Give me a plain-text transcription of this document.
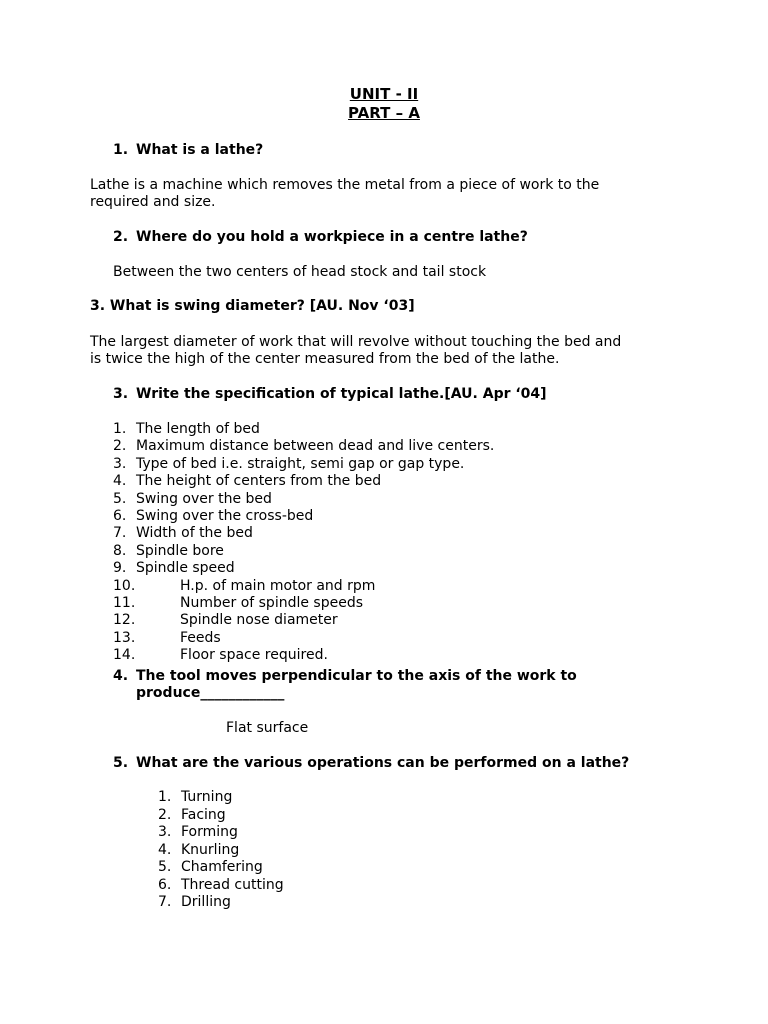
UNIT - II
PART – A
1. What is a lathe?
Lathe is a machine which removes the metal from a piece of work to the
required and size.
2. Where do you hold a workpiece in a centre lathe?
Between the two centers of head stock and tail stock
3. What is swing diameter? [AU. Nov ‘03]
The largest diameter of work that will revolve without touching the bed and
is twice the high of the center measured from the bed of the lathe.
3. Write the specification of typical lathe.[AU. Apr ‘04]
1. The length of bed
2. Maximum distance between dead and live centers.
3. Type of bed i.e. straight, semi gap or gap type.
4. The height of centers from the bed
5. Swing over the bed
6. Swing over the cross-bed
7. Width of the bed
8. Spindle bore
9. Spindle speed
10.	H.p. of main motor and rpm
11.	Number of spindle speeds
12.	Spindle nose diameter
13.	Feeds
14.	Floor space required.
4. The tool moves perpendicular to the axis of the work to
produce____________
Flat surface
5. What are the various operations can be performed on a lathe?
1. Turning
2. Facing
3. Forming
4. Knurling
5. Chamfering
6. Thread cutting
7. Drilling
